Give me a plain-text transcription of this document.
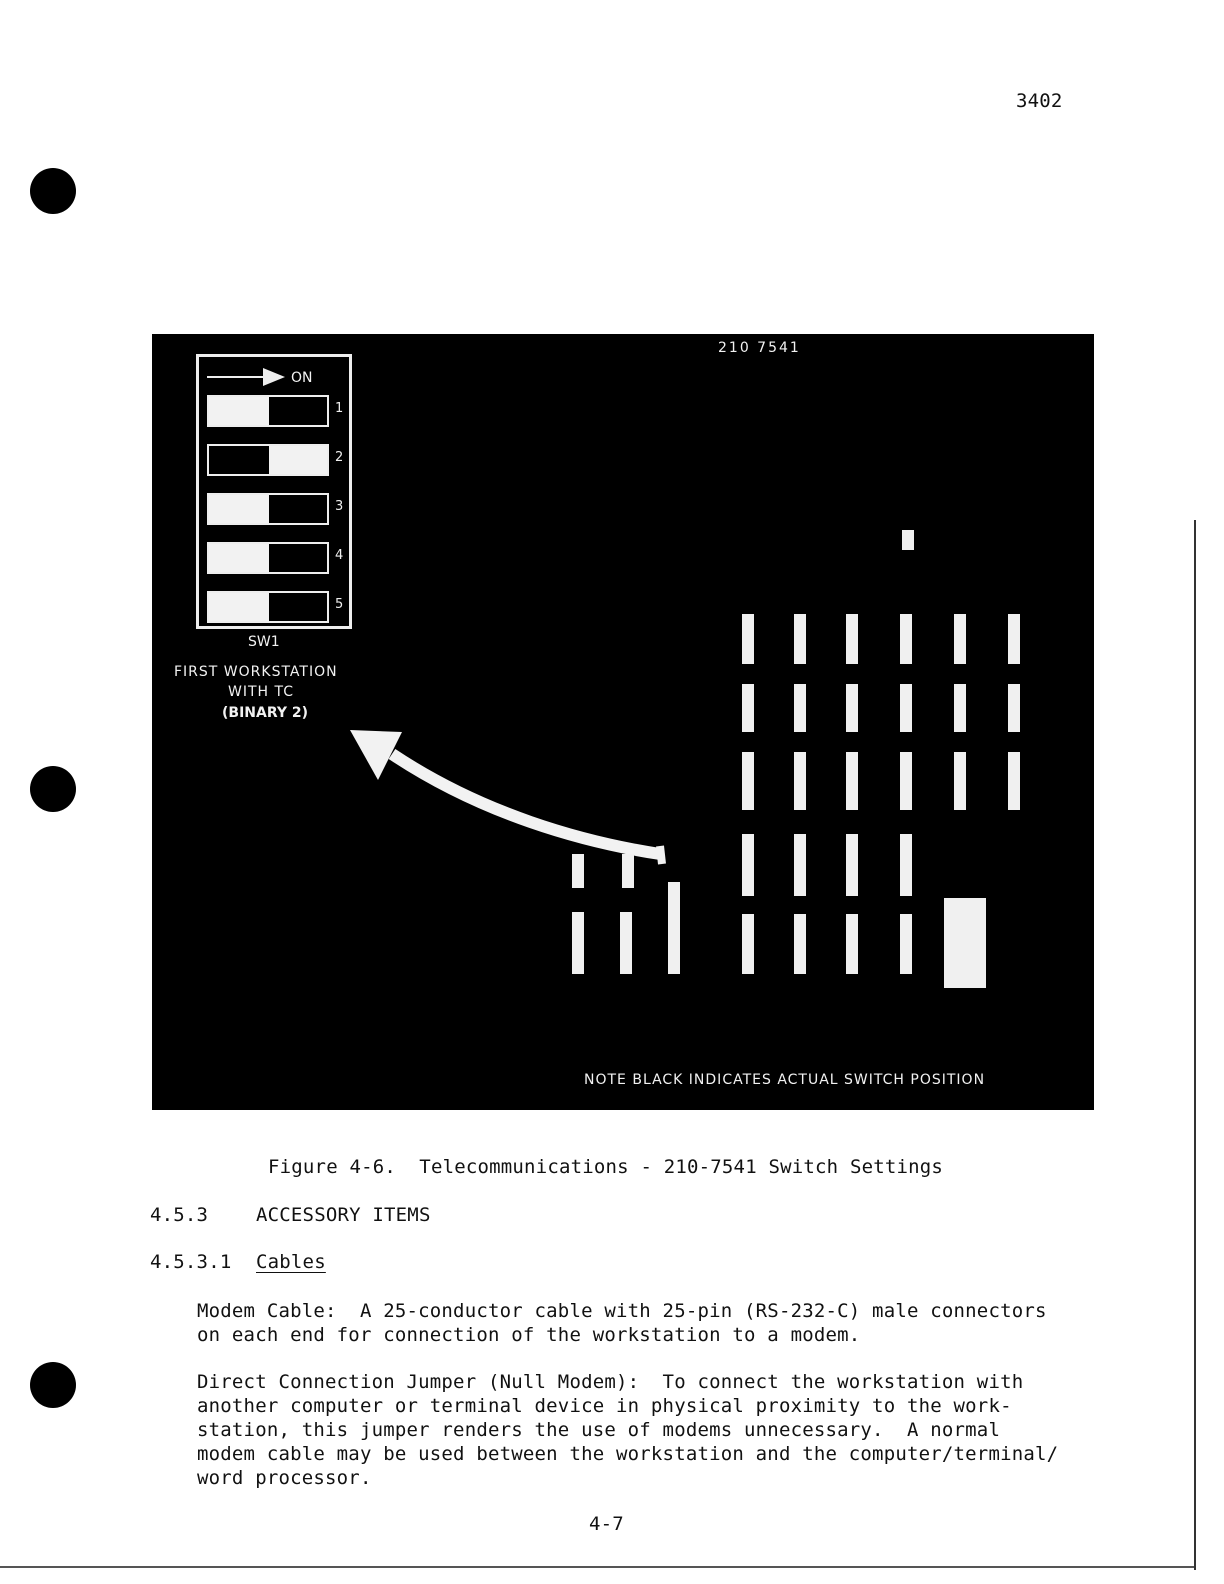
3402
210 7541
ON
1
2
3
4
5
SW1
FIRST WORKSTATION
WITH TC
(BINARY 2)
NOTE BLACK INDICATES ACTUAL SWITCH POSITION
Figure 4-6.  Telecommunications - 210-7541 Switch Settings
4.5.3	ACCESSORY ITEMS
4.5.3.1 Cables
Modem Cable:  A 25-conductor cable with 25-pin (RS-232-C) male connectors
on each end for connection of the workstation to a modem.
Direct Connection Jumper (Null Modem):  To connect the workstation with
another computer or terminal device in physical proximity to the work-
station, this jumper renders the use of modems unnecessary.  A normal
modem cable may be used between the workstation and the computer/terminal/
word processor.
4-7
